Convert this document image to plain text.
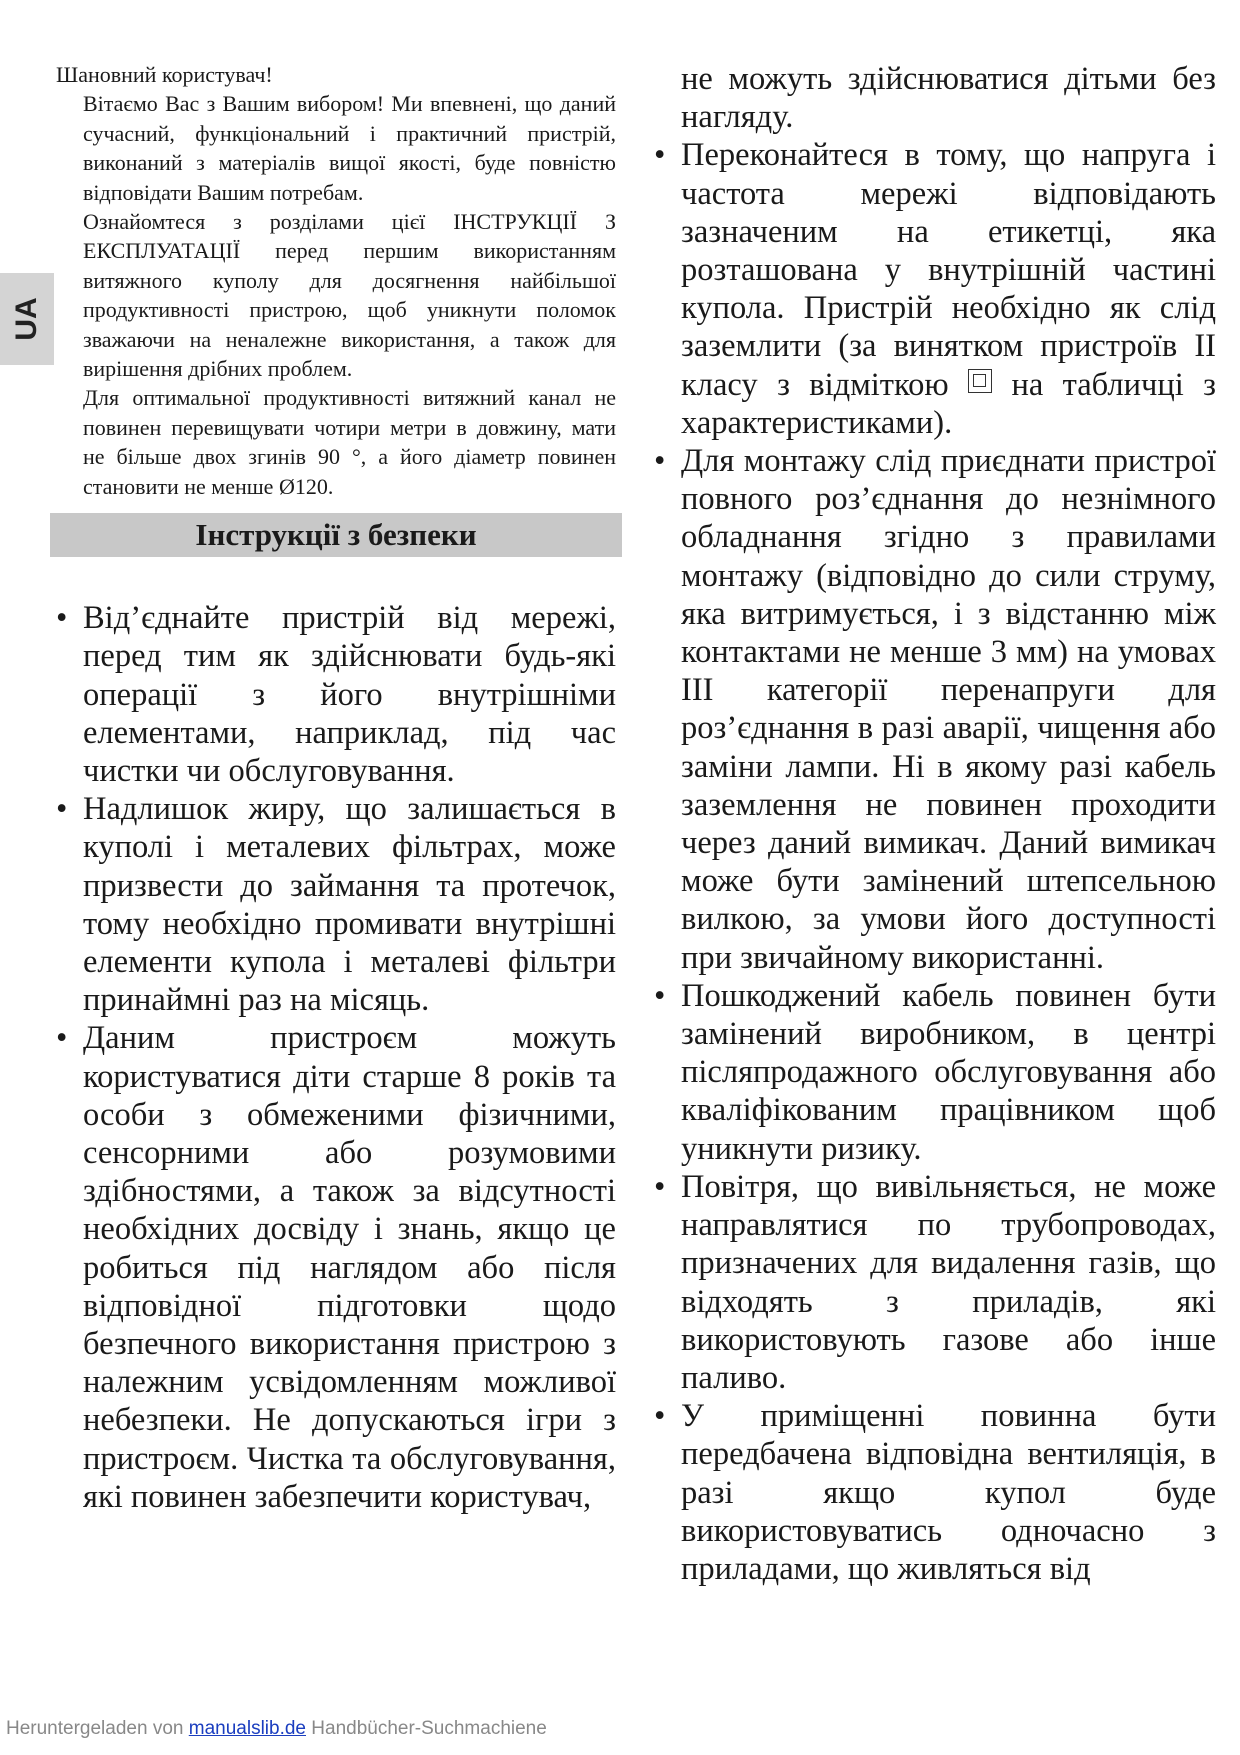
UA

Шановний користувач!

Вітаємо Вас з Вашим вибором! Ми впевнені, що даний сучасний, функціональний і практичний пристрій, виконаний з матеріалів вищої якості, буде повністю відповідати Вашим потребам.

Ознайомтеся з розділами цієї ІНСТРУКЦІЇ З ЕКСПЛУАТАЦІЇ перед першим використанням витяжного куполу для досягнення найбільшої продуктивності пристрою, щоб уникнути поломок зважаючи на неналежне використання, а також для вирішення дрібних проблем.

Для оптимальної продуктивності витяжний канал не повинен перевищувати чотири метри в довжину, мати не більше двох згинів 90 °, а його діаметр повинен становити не менше Ø120.

Інструкції з безпеки
• Від’єднайте пристрій від мережі, перед тим як здійснювати будь-які операції з його внутрішніми елементами, наприклад, під час чистки чи обслуговування.
• Надлишок жиру, що залишається в куполі і металевих фільтрах, може призвести до займання та протечок, тому необхідно промивати внутрішні елементи купола і металеві фільтри принаймні раз на місяць.
• Даним пристроєм можуть користуватися діти старше 8 років та особи з обмеженими фізичними, сенсорними або розумовими здібностями, а також за відсутності необхідних досвіду і знань, якщо це робиться під наглядом або після відповідної підготовки щодо безпечного використання пристрою з належним усвідомленням можливої небезпеки. Не допускаються ігри з пристроєм. Чистка та обслуговування, які повинен забезпечити користувач,

не можуть здійснюватися дітьми без нагляду.

• Переконайтеся в тому, що напруга і частота мережі відповідають зазначеним на етикетці, яка розташована у внутрішній частині купола. Пристрій необхідно як слід заземлити (за винятком пристроїв II класу з відміткою на табличці з характеристиками).
• Для монтажу слід приєднати пристрої повного роз’єднання до незнімного обладнання згідно з правилами монтажу (відповідно до сили струму, яка витримується, і з відстанню між контактами не менше 3 мм) на умовах III категорії перенапруги для роз’єднання в разі аварії, чищення або заміни лампи. Ні в якому разі кабель заземлення не повинен проходити через даний вимикач. Даний вимикач може бути замінений штепсельною вилкою, за умови його доступності при звичайному використанні.
• Пошкоджений кабель повинен бути замінений виробником, в центрі післяпродажного обслуговування або кваліфікованим працівником щоб уникнути ризику.
• Повітря, що вивільняється, не може направлятися по трубопроводах, призначених для видалення газів, що відходять з приладів, які використовують газове або інше паливо.
• У приміщенні повинна бути передбачена відповідна вентиляція, в разі якщо купол буде використовуватись одночасно з приладами, що живляться від
Heruntergeladen von manualslib.de Handbücher-Suchmachiene
